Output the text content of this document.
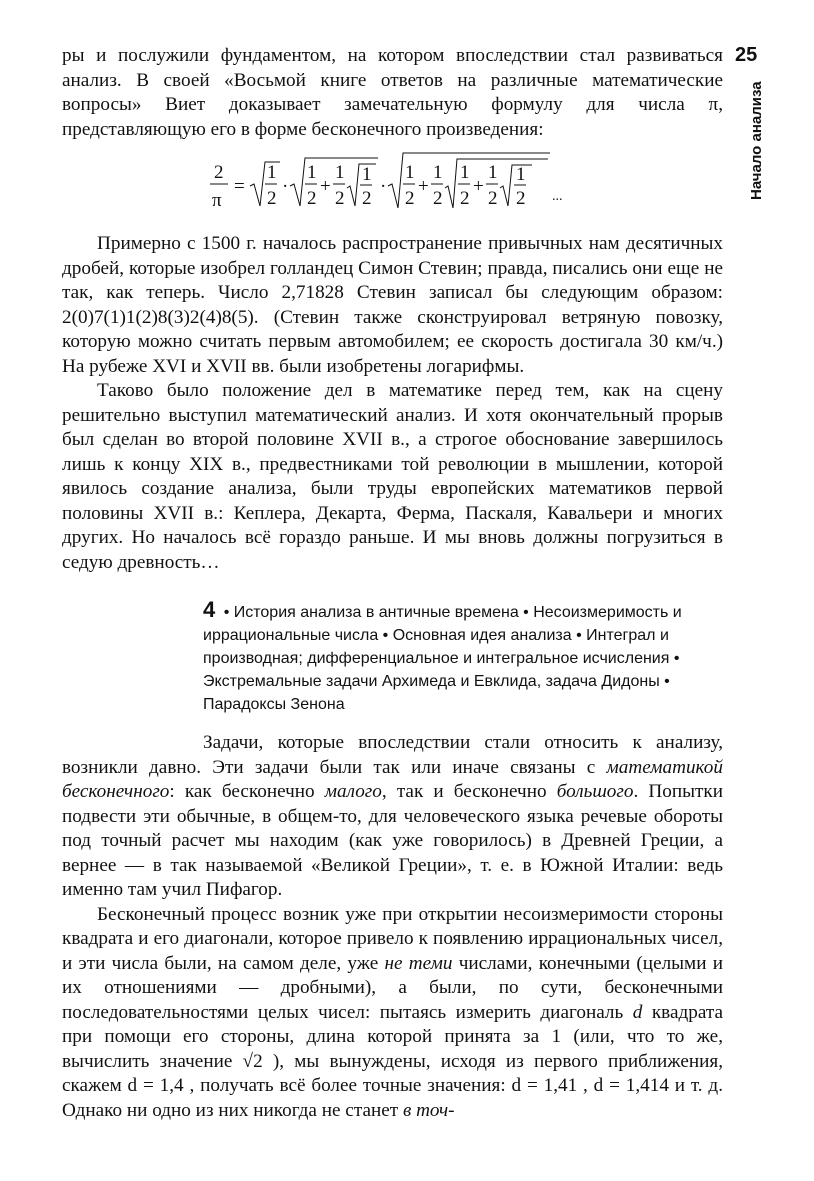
25
Начало анализа

ры и послужили фундаментом, на котором впоследствии стал развиваться анализ. В своей «Восьмой книге ответов на различные математические вопросы» Виет доказывает замечательную формулу для числа π, представляющую его в форме бесконечного произведения:

2
π
=
1
2
·
1
2
+
1
2
1
2
·
1
2
+
1
2
1
2
+
1
2
1
2 ...

Примерно с 1500 г. началось распространение привычных нам десятичных дробей, которые изобрел голландец Симон Стевин; правда, писались они еще не так, как теперь. Число 2,71828 Стевин записал бы следующим образом: 2(0)7(1)1(2)8(3)2(4)8(5). (Стевин также сконструировал ветряную повозку, которую можно считать первым автомобилем; ее скорость достигала 30 км/ч.) На рубеже XVI и XVII вв. были изобретены логарифмы.

Таково было положение дел в математике перед тем, как на сцену решительно выступил математический анализ. И хотя окончательный прорыв был сделан во второй половине XVII в., а строгое обоснование завершилось лишь к концу XIX в., предвестниками той революции в мышлении, которой явилось создание анализа, были труды европейских математиков первой половины XVII в.: Кеплера, Декарта, Ферма, Паскаля, Кавальери и многих других. Но началось всё гораздо раньше. И мы вновь должны погрузиться в седую древность…

4 • История анализа в античные времена • Несоизмеримость и иррациональные числа • Основная идея анализа • Интеграл и производная; дифференциальное и интегральное исчисления • Экстремальные задачи Архимеда и Евклида, задача Дидоны • Парадоксы Зенона

Задачи, которые впоследствии стали относить к анализу, возникли давно. Эти задачи были так или иначе связаны с математикой бесконечного: как бесконечно малого, так и бесконечно большого. Попытки подвести эти обычные, в общем-то, для человеческого языка речевые обороты под точный расчет мы находим (как уже говорилось) в Древней Греции, а вернее — в так называемой «Великой Греции», т. е. в Южной Италии: ведь именно там учил Пифагор.

Бесконечный процесс возник уже при открытии несоизмеримости стороны квадрата и его диагонали, которое привело к появлению иррациональных чисел, и эти числа были, на самом деле, уже не теми числами, конечными (целыми и их отношениями — дробными), а были, по сути, бесконечными последовательностями целых чисел: пытаясь измерить диагональ d квадрата при помощи его стороны, длина которой принята за 1 (или, что то же, вычислить значение √2 ), мы вынуждены, исходя из первого приближения, скажем d = 1,4 , получать всё более точные значения: d = 1,41 , d = 1,414 и т. д. Однако ни одно из них никогда не станет в точ-
